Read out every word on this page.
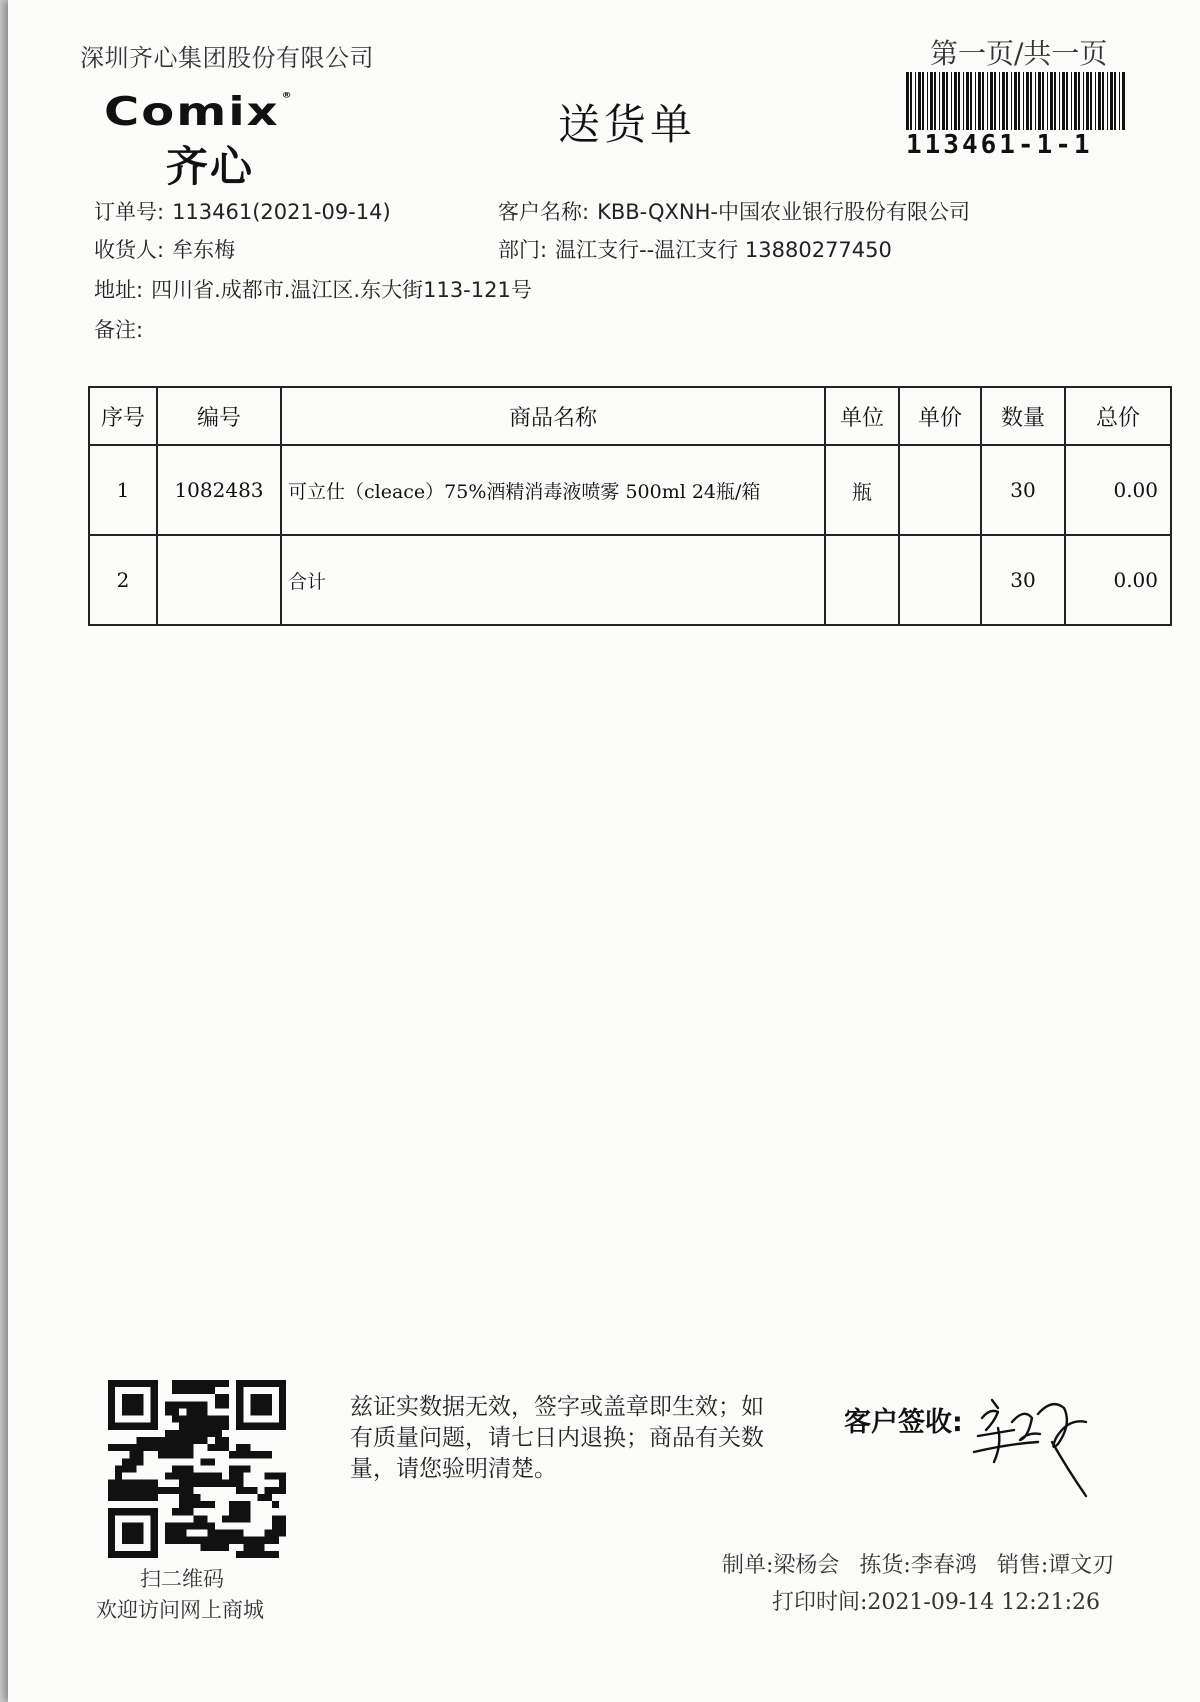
深圳齐心集团股份有限公司	第一页/共一页
Comix ®
齐心
送货单	113461-1-1
订单号: 113461(2021-09-14)	客户名称: KBB-QXNH-中国农业银行股份有限公司
收货人: 牟东梅	部门: 温江支行--温江支行 13880277450
地址: 四川省.成都市.温江区.东大街113-121号
备注:
序号	编号	商品名称	单位	单价	数量	总价
1	1082483	可立仕（cleace）75%酒精消毒液喷雾 500ml 24瓶/箱	瓶		30	0.00
2		合计			30	0.00
扫二维码
欢迎访问网上商城
兹证实数据无效，签字或盖章即生效；如有质量问题，请七日内退换；商品有关数量，请您验明清楚。
客户签收:
制单:梁杨会 拣货:李春鸿 销售:谭文刃
打印时间:2021-09-14 12:21:26
